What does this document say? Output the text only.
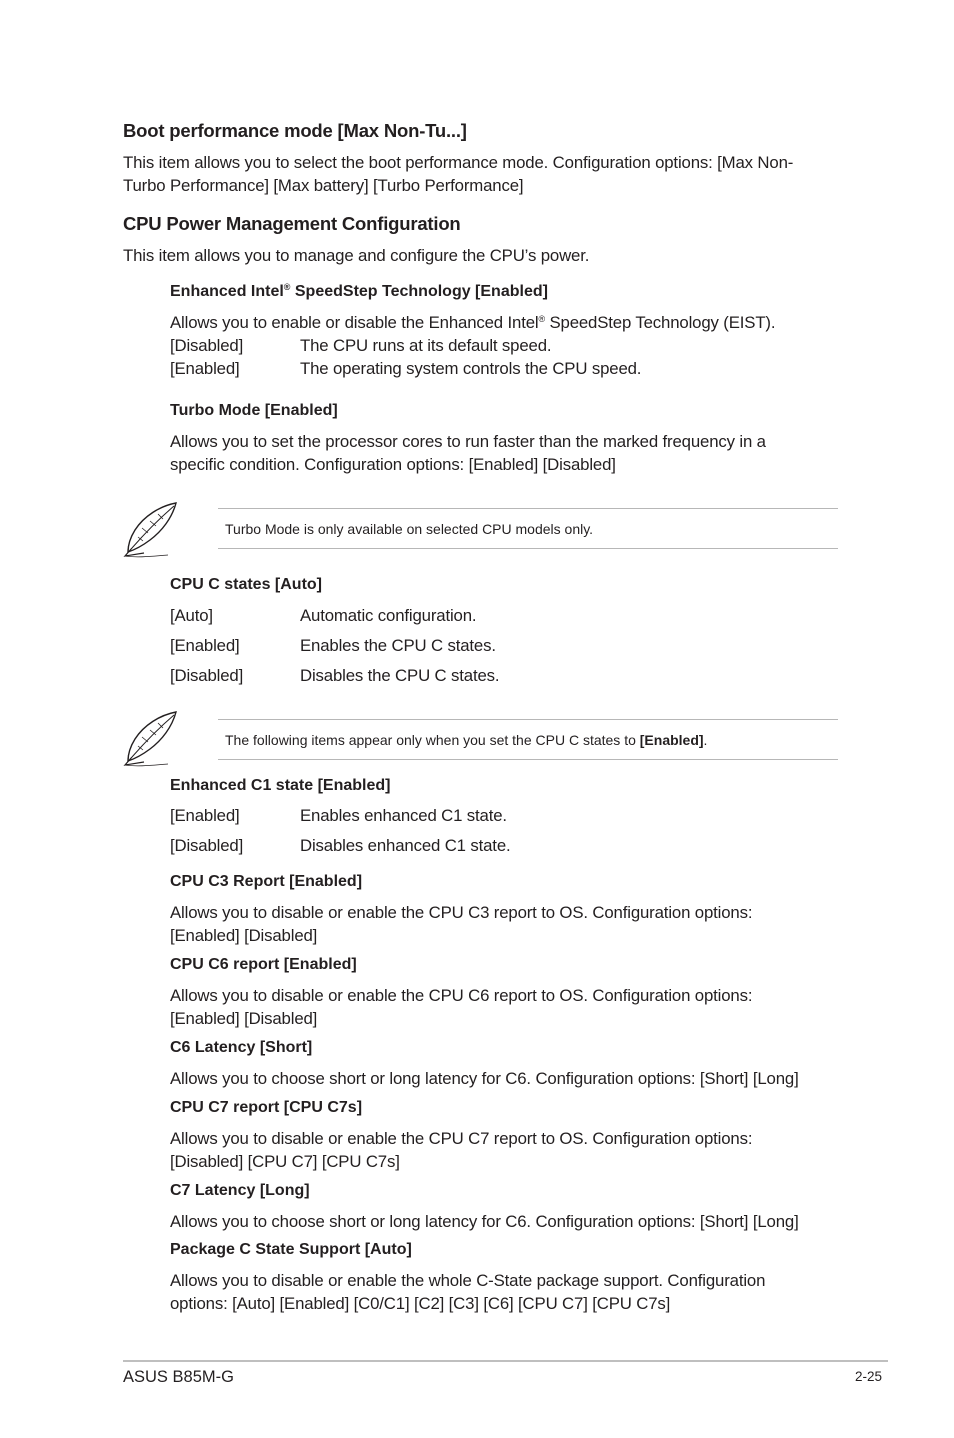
Boot performance mode [Max Non-Tu...]
This item allows you to select the boot performance mode. Configuration options: [Max Non-
Turbo Performance] [Max battery] [Turbo Performance]
CPU Power Management Configuration
This item allows you to manage and configure the CPU’s power.
Enhanced Intel® SpeedStep Technology [Enabled]
Allows you to enable or disable the Enhanced Intel® SpeedStep Technology (EIST).
[Disabled]	The CPU runs at its default speed.
[Enabled]	The operating system controls the CPU speed.
Turbo Mode [Enabled]
Allows you to set the processor cores to run faster than the marked frequency in a
specific condition. Configuration options: [Enabled] [Disabled]
Turbo Mode is only available on selected CPU models only.
CPU C states [Auto]
[Auto]	Automatic configuration.
[Enabled]	Enables the CPU C states.
[Disabled]	Disables the CPU C states.
The following items appear only when you set the CPU C states to [Enabled].
Enhanced C1 state [Enabled]
[Enabled]	Enables enhanced C1 state.
[Disabled]	Disables enhanced C1 state.
CPU C3 Report [Enabled]
Allows you to disable or enable the CPU C3 report to OS. Configuration options:
[Enabled] [Disabled]
CPU C6 report [Enabled]
Allows you to disable or enable the CPU C6 report to OS. Configuration options:
[Enabled] [Disabled]
C6 Latency [Short]
Allows you to choose short or long latency for C6. Configuration options: [Short] [Long]
CPU C7 report [CPU C7s]
Allows you to disable or enable the CPU C7 report to OS. Configuration options:
[Disabled] [CPU C7] [CPU C7s]
C7 Latency [Long]
Allows you to choose short or long latency for C6. Configuration options: [Short] [Long]
Package C State Support [Auto]
Allows you to disable or enable the whole C-State package support. Configuration
options: [Auto] [Enabled] [C0/C1] [C2] [C3] [C6] [CPU C7] [CPU C7s]
ASUS B85M-G	2-25
